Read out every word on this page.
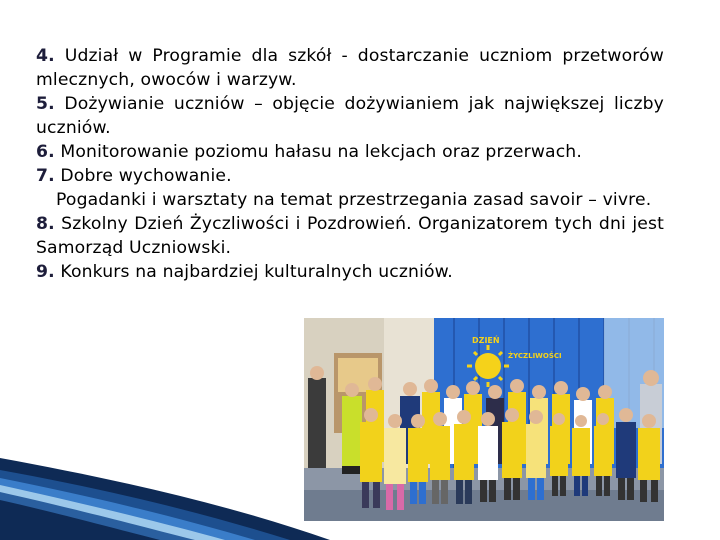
4. Udział w Programie dla szkół - dostarczanie uczniom przetworów mlecznych, owoców i warzyw.

5. Dożywianie uczniów – objęcie dożywianiem jak największej liczby uczniów.

6. Monitorowanie poziomu hałasu na lekcjach oraz przerwach.

7. Dobre wychowanie.

Pogadanki i warsztaty na temat przestrzegania zasad savoir – vivre.

8. Szkolny Dzień Życzliwości i Pozdrowień. Organizatorem tych dni jest Samorząd Uczniowski.

9. Konkurs na najbardziej kulturalnych uczniów.

DZIEŃ
ŻYCZLIWOŚCI
